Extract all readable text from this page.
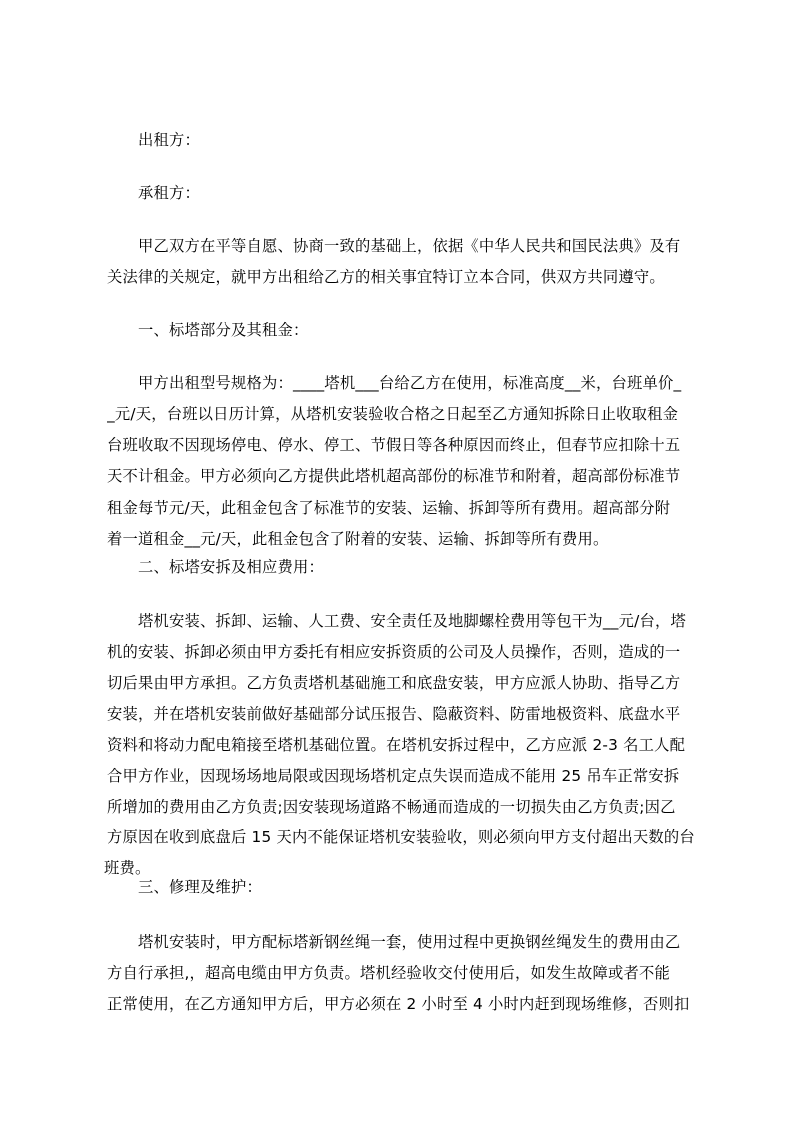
出租方：
承租方：
甲乙双方在平等自愿、协商一致的基础上，依据《中华人民共和国民法典》及有
关法律的关规定，就甲方出租给乙方的相关事宜特订立本合同，供双方共同遵守。
一、标塔部分及其租金：
甲方出租型号规格为：____塔机___台给乙方在使用，标准高度__米，台班单价_
_元/天，台班以日历计算，从塔机安装验收合格之日起至乙方通知拆除日止收取租金
台班收取不因现场停电、停水、停工、节假日等各种原因而终止，但春节应扣除十五
天不计租金。甲方必须向乙方提供此塔机超高部份的标准节和附着，超高部份标准节
租金每节元/天，此租金包含了标准节的安装、运输、拆卸等所有费用。超高部分附
着一道租金__元/天，此租金包含了附着的安装、运输、拆卸等所有费用。
二、标塔安拆及相应费用：
塔机安装、拆卸、运输、人工费、安全责任及地脚螺栓费用等包干为__元/台，塔
机的安装、拆卸必须由甲方委托有相应安拆资质的公司及人员操作，否则，造成的一
切后果由甲方承担。乙方负责塔机基础施工和底盘安装，甲方应派人协助、指导乙方
安装，并在塔机安装前做好基础部分试压报告、隐蔽资料、防雷地极资料、底盘水平
资料和将动力配电箱接至塔机基础位置。在塔机安拆过程中，乙方应派 2-3 名工人配
合甲方作业，因现场场地局限或因现场塔机定点失误而造成不能用 25 吊车正常安拆
所增加的费用由乙方负责;因安装现场道路不畅通而造成的一切损失由乙方负责;因乙
方原因在收到底盘后 15 天内不能保证塔机安装验收，则必须向甲方支付超出天数的台
班费。
三、修理及维护：
塔机安装时，甲方配标塔新钢丝绳一套，使用过程中更换钢丝绳发生的费用由乙
方自行承担,，超高电缆由甲方负责。塔机经验收交付使用后，如发生故障或者不能
正常使用，在乙方通知甲方后，甲方必须在 2 小时至 4 小时内赶到现场维修，否则扣
